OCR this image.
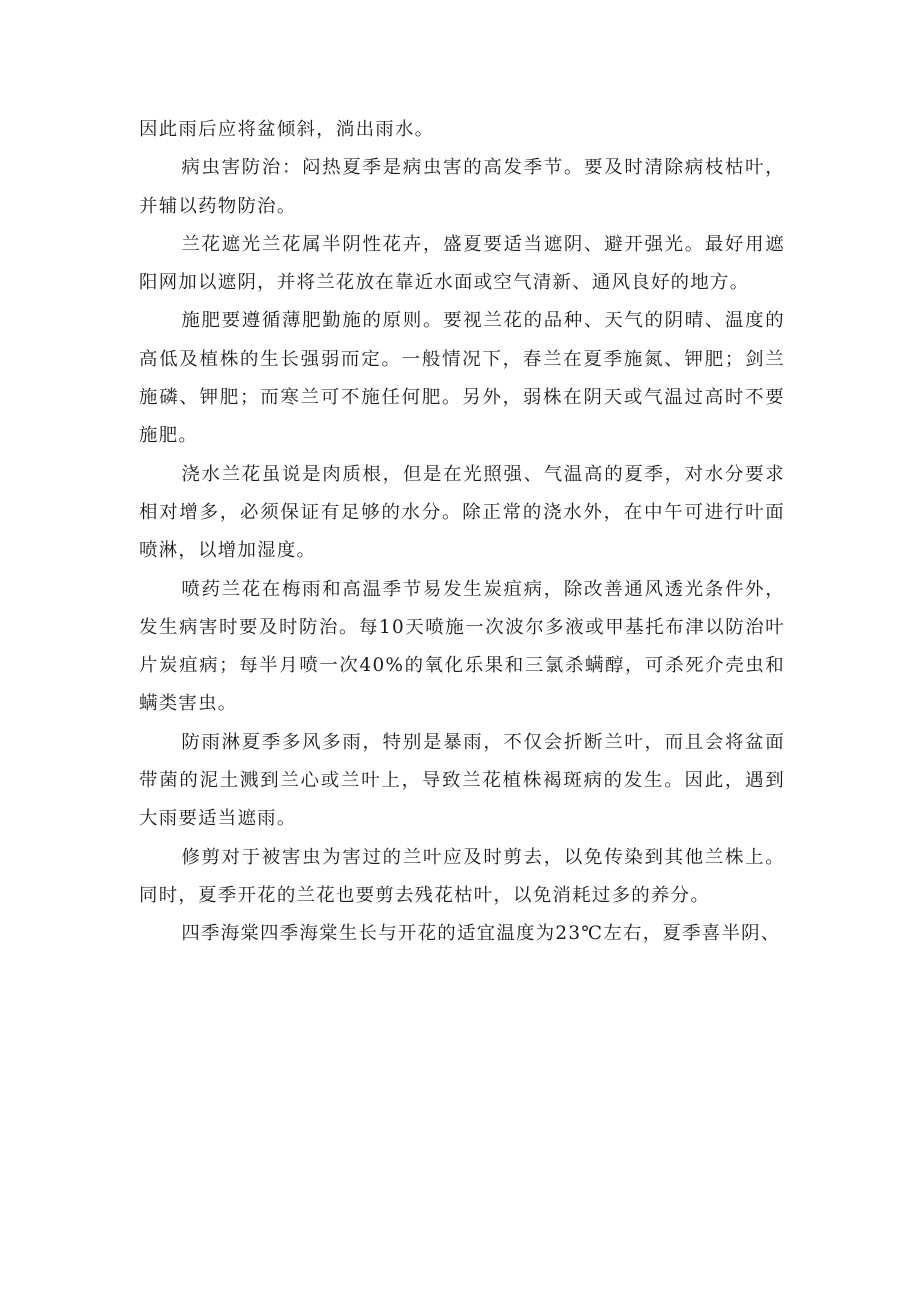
因此雨后应将盆倾斜，淌出雨水。

病虫害防治：闷热夏季是病虫害的高发季节。要及时清除病枝枯叶，并辅以药物防治。

兰花遮光兰花属半阴性花卉，盛夏要适当遮阴、避开强光。最好用遮阳网加以遮阴，并将兰花放在靠近水面或空气清新、通风良好的地方。

施肥要遵循薄肥勤施的原则。要视兰花的品种、天气的阴晴、温度的高低及植株的生长强弱而定。一般情况下，春兰在夏季施氮、钾肥；剑兰施磷、钾肥；而寒兰可不施任何肥。另外，弱株在阴天或气温过高时不要施肥。

浇水兰花虽说是肉质根，但是在光照强、气温高的夏季，对水分要求相对增多，必须保证有足够的水分。除正常的浇水外，在中午可进行叶面喷淋，以增加湿度。

喷药兰花在梅雨和高温季节易发生炭疽病，除改善通风透光条件外，发生病害时要及时防治。每10天喷施一次波尔多液或甲基托布津以防治叶片炭疽病；每半月喷一次40%的氧化乐果和三氯杀螨醇，可杀死介壳虫和螨类害虫。

防雨淋夏季多风多雨，特别是暴雨，不仅会折断兰叶，而且会将盆面带菌的泥土溅到兰心或兰叶上，导致兰花植株褐斑病的发生。因此，遇到大雨要适当遮雨。

修剪对于被害虫为害过的兰叶应及时剪去，以免传染到其他兰株上。同时，夏季开花的兰花也要剪去残花枯叶，以免消耗过多的养分。

四季海棠四季海棠生长与开花的适宜温度为23℃左右，夏季喜半阴、
